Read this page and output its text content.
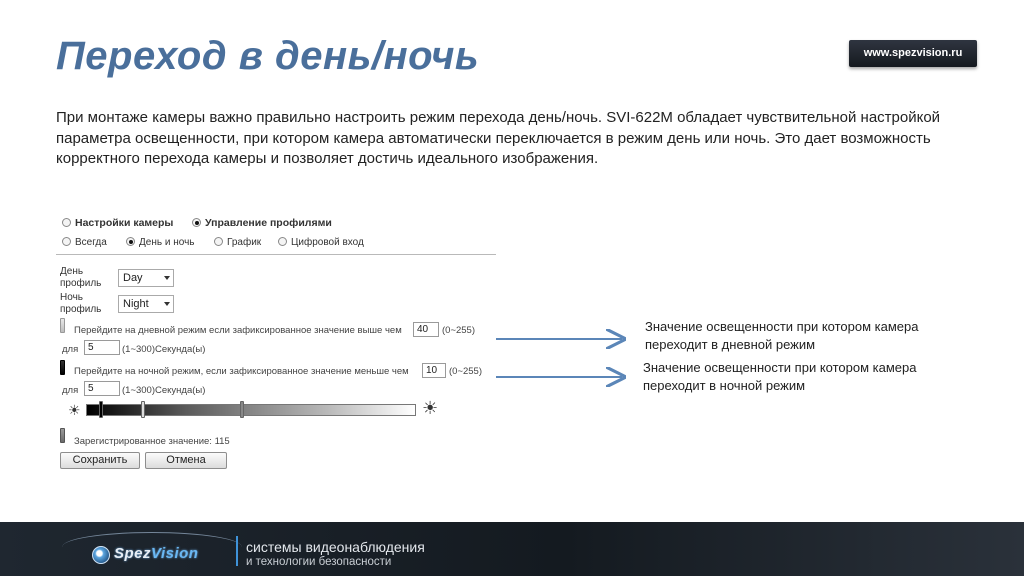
Переход в день/ночь	www.spezvision.ru
При монтаже камеры важно правильно настроить режим перехода день/ночь. SVI-622M обладает чувствительной настройкой параметра освещенности, при котором камера автоматически переключается в режим день или ночь. Это дает возможность корректного перехода камеры и позволяет достичь идеального изображения.
Настройки камеры	Управление профилями
Всегда	День и ночь	График	Цифровой вход
День
профиль	Day
Ночь
профиль	Night
Перейдите на дневной режим если зафиксированное значение выше чем	40	(0~255)
для 5	(1~300)Секунда(ы)
Перейдите на ночной режим, если зафиксированное значение меньше чем	10	(0~255)
для 5	(1~300)Секунда(ы)
☀	☀
Зарегистрированное значение: 115
Сохранить	Отмена
Значение освещенности при котором камера
переходит в дневной режим
Значение освещенности при котором камера
переходит в ночной режим
SpezVision	системы видеонаблюдения
и технологии безопасности
